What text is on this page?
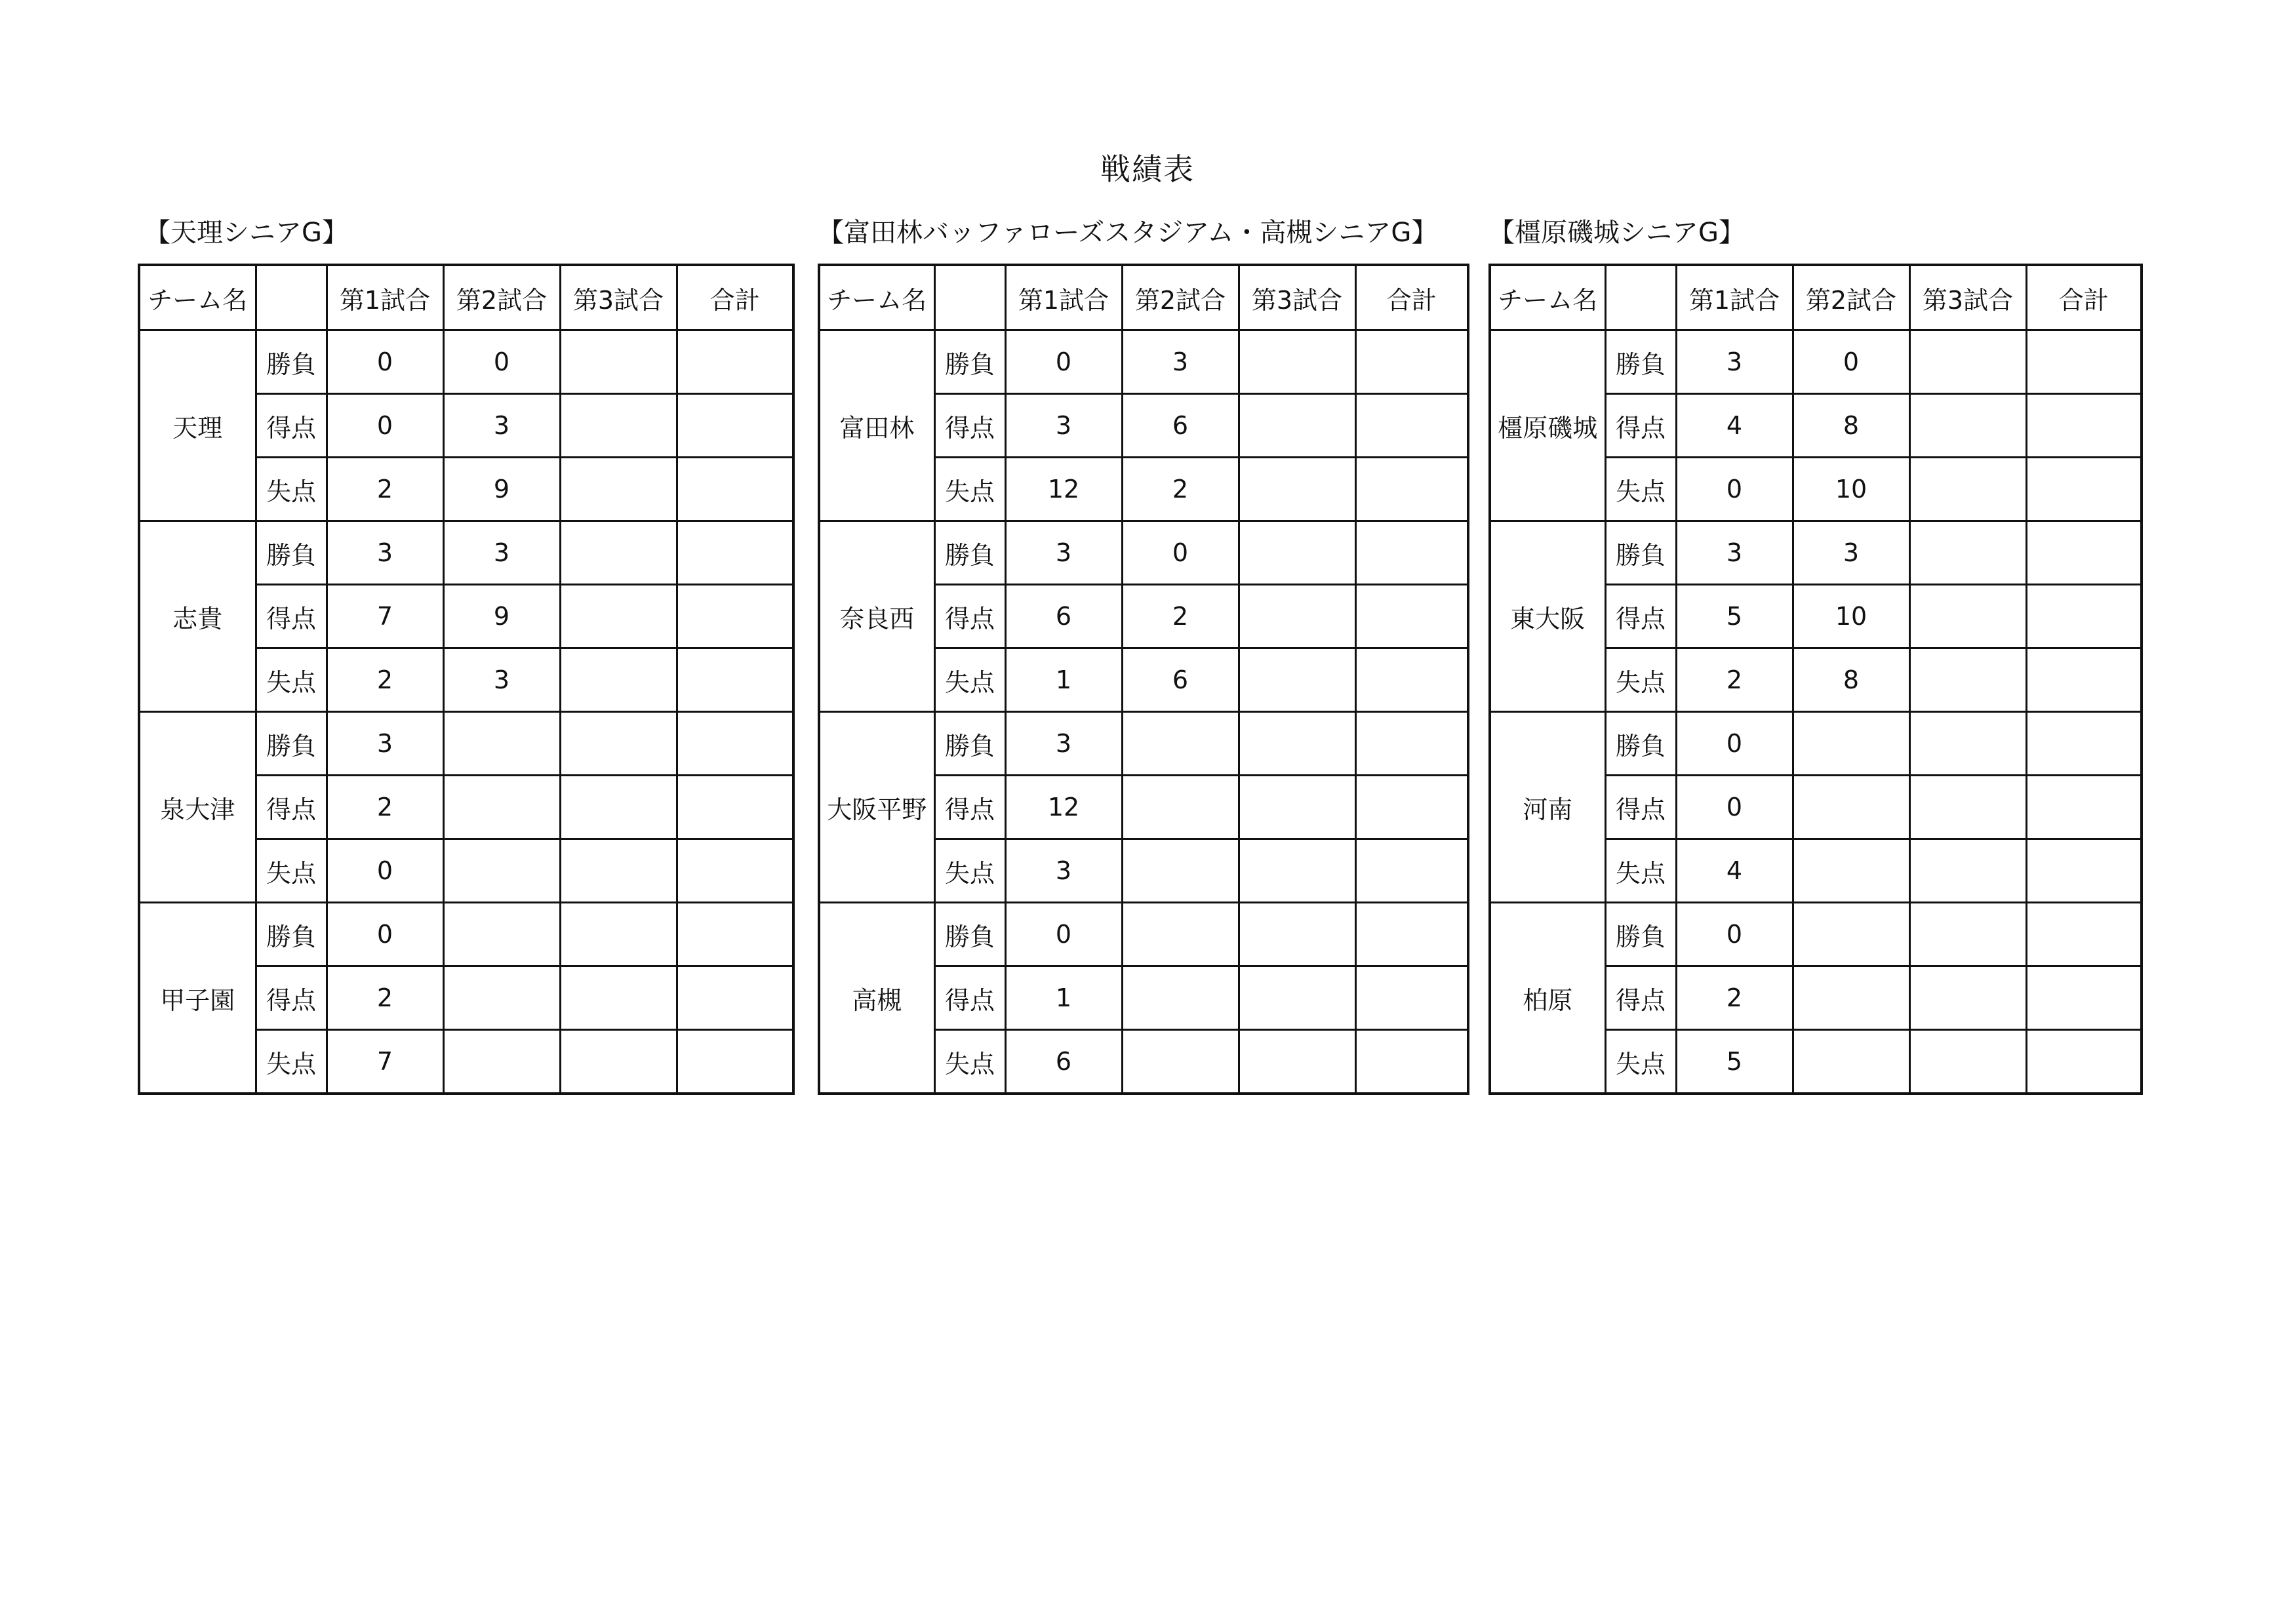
戦績表
【天理シニアG】
チーム名		第1試合	第2試合	第3試合	合計
天理	勝負	0	0		
	得点	0	3		
	失点	2	9		
志貴	勝負	3	3		
	得点	7	9		
	失点	2	3		
泉大津	勝負	3			
	得点	2			
	失点	0			
甲子園	勝負	0			
	得点	2			
	失点	7			
【富田林バッファローズスタジアム・高槻シニアG】
チーム名		第1試合	第2試合	第3試合	合計
富田林	勝負	0	3		
	得点	3	6		
	失点	12	2		
奈良西	勝負	3	0		
	得点	6	2		
	失点	1	6		
大阪平野	勝負	3			
	得点	12			
	失点	3			
高槻	勝負	0			
	得点	1			
	失点	6			
【橿原磯城シニアG】
チーム名		第1試合	第2試合	第3試合	合計
橿原磯城	勝負	3	0		
	得点	4	8		
	失点	0	10		
東大阪	勝負	3	3		
	得点	5	10		
	失点	2	8		
河南	勝負	0			
	得点	0			
	失点	4			
柏原	勝負	0			
	得点	2			
	失点	5			
